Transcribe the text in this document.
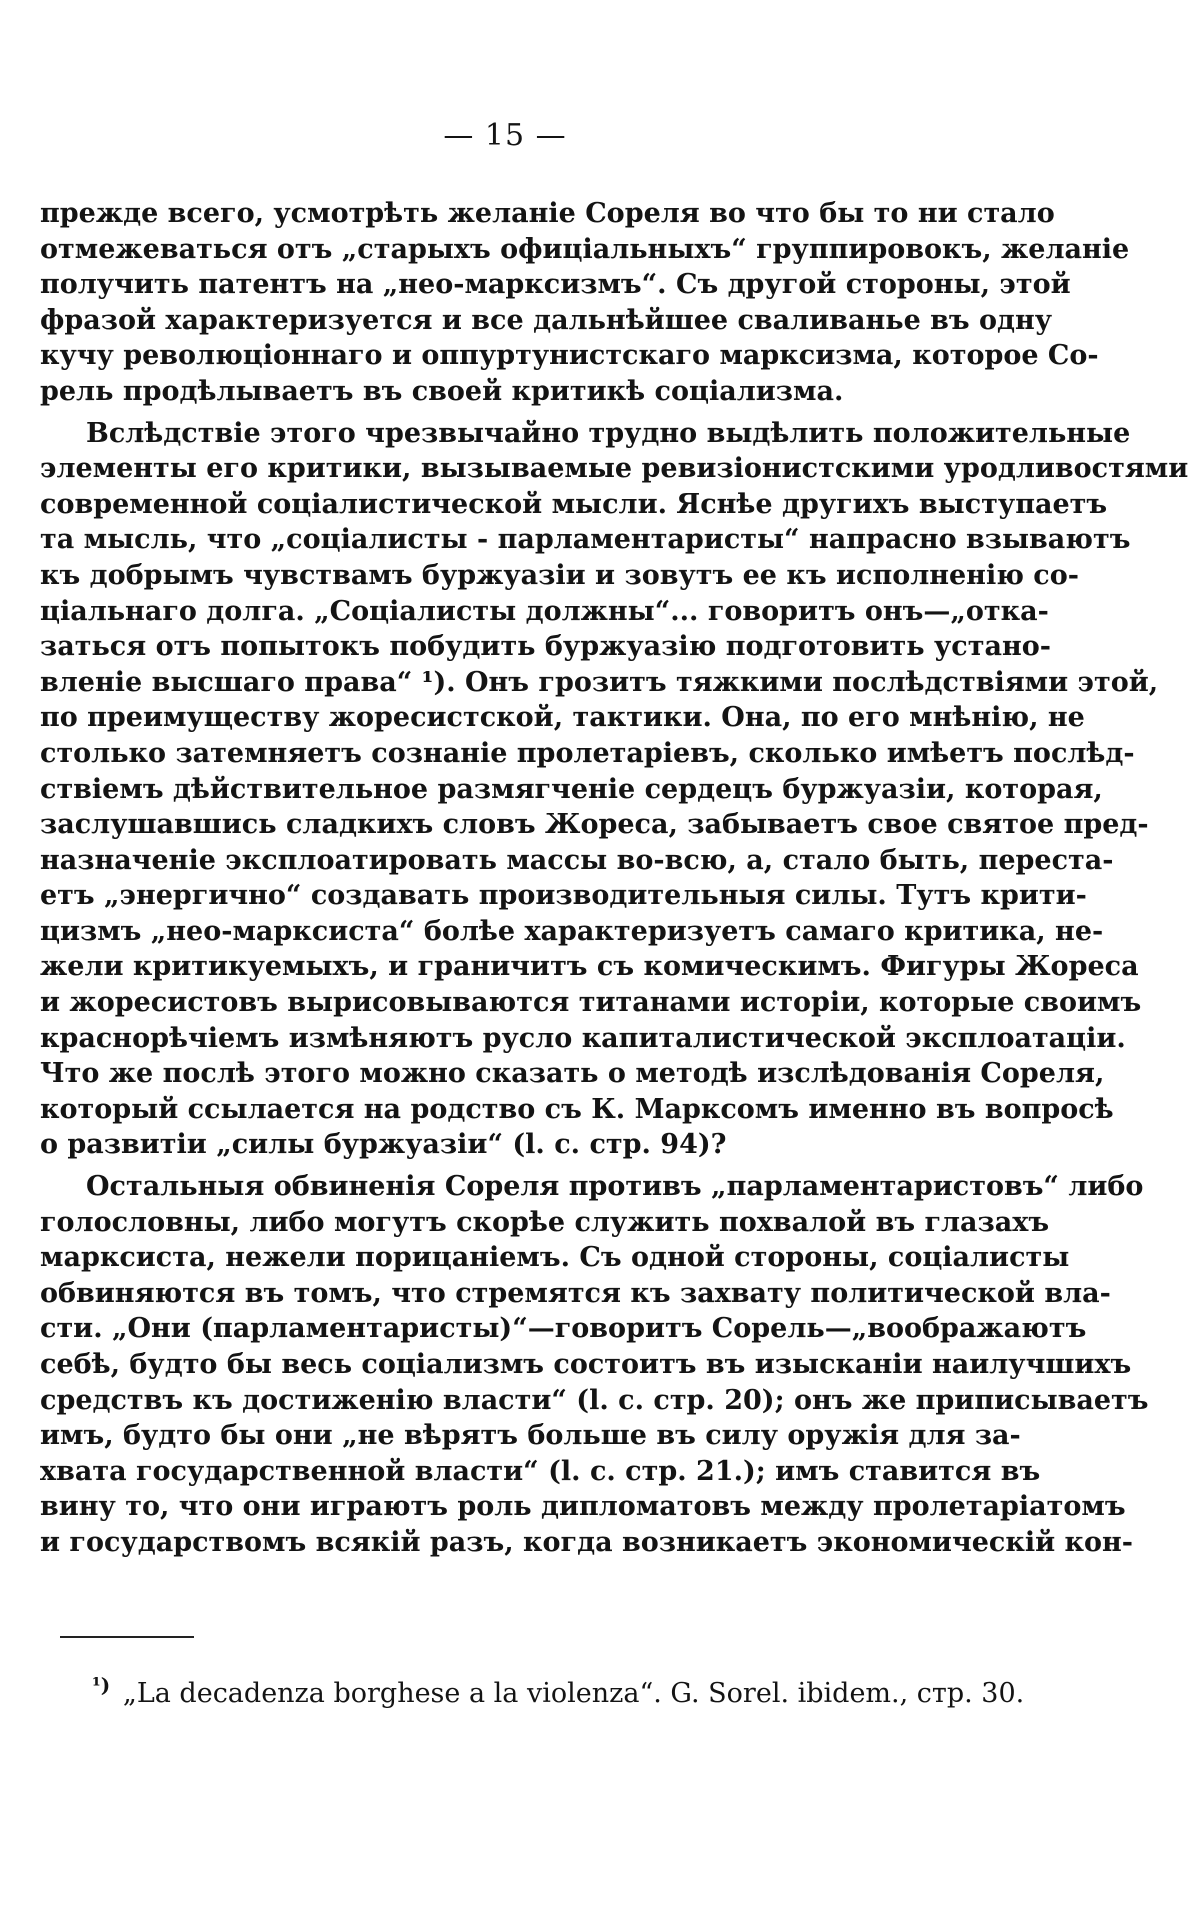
— 15 —
прежде всего, усмотрѣть желаніе Сореля во что бы то ни стало
отмежеваться отъ „старыхъ офиціальныхъ“ группировокъ, желаніе
получить патентъ на „нео-марксизмъ“. Съ другой стороны, этой
фразой характеризуется и все дальнѣйшее сваливанье въ одну
кучу революціоннаго и оппуртунистскаго марксизма, которое Со-
рель продѣлываетъ въ своей критикѣ соціализма.
Вслѣдствіе этого чрезвычайно трудно выдѣлить положительные
элементы его критики, вызываемые ревизіонистскими уродливостями
современной соціалистической мысли. Яснѣе другихъ выступаетъ
та мысль, что „соціалисты - парламентаристы“ напрасно взываютъ
къ добрымъ чувствамъ буржуазіи и зовутъ ее къ исполненію со-
ціальнаго долга. „Соціалисты должны“... говоритъ онъ—„отка-
заться отъ попытокъ побудить буржуазію подготовить устано-
вленіе высшаго права“ ¹). Онъ грозитъ тяжкими послѣдствіями этой,
по преимуществу жоресистской, тактики. Она, по его мнѣнію, не
столько затемняетъ сознаніе пролетаріевъ, сколько имѣетъ послѣд-
ствіемъ дѣйствительное размягченіе сердецъ буржуазіи, которая,
заслушавшись сладкихъ словъ Жореса, забываетъ свое святое пред-
назначеніе эксплоатировать массы во-всю, а, стало быть, переста-
етъ „энергично“ создавать производительныя силы. Тутъ крити-
цизмъ „нео-марксиста“ болѣе характеризуетъ самаго критика, не-
жели критикуемыхъ, и граничитъ съ комическимъ. Фигуры Жореса
и жоресистовъ вырисовываются титанами исторіи, которые своимъ
краснорѣчіемъ измѣняютъ русло капиталистической эксплоатаціи.
Что же послѣ этого можно сказать о методѣ изслѣдованія Сореля,
который ссылается на родство съ К. Марксомъ именно въ вопросѣ
о развитіи „силы буржуазіи“ (l. c. стр. 94)?
Остальныя обвиненія Сореля противъ „парламентаристовъ“ либо
голословны, либо могутъ скорѣе служить похвалой въ глазахъ
марксиста, нежели порицаніемъ. Съ одной стороны, соціалисты
обвиняются въ томъ, что стремятся къ захвату политической вла-
сти. „Они (парламентаристы)“—говоритъ Сорель—„воображаютъ
себѣ, будто бы весь соціализмъ состоитъ въ изысканіи наилучшихъ
средствъ къ достиженію власти“ (l. c. стр. 20); онъ же приписываетъ
имъ, будто бы они „не вѣрятъ больше въ силу оружія для за-
хвата государственной власти“ (l. c. стр. 21.); имъ ставится въ
вину то, что они играютъ роль дипломатовъ между пролетаріатомъ
и государствомъ всякій разъ, когда возникаетъ экономическій кон-
$^{^1)}$ „La decadenza borghese a la violenza“. G. Sorel. ibidem., стр. 30.
